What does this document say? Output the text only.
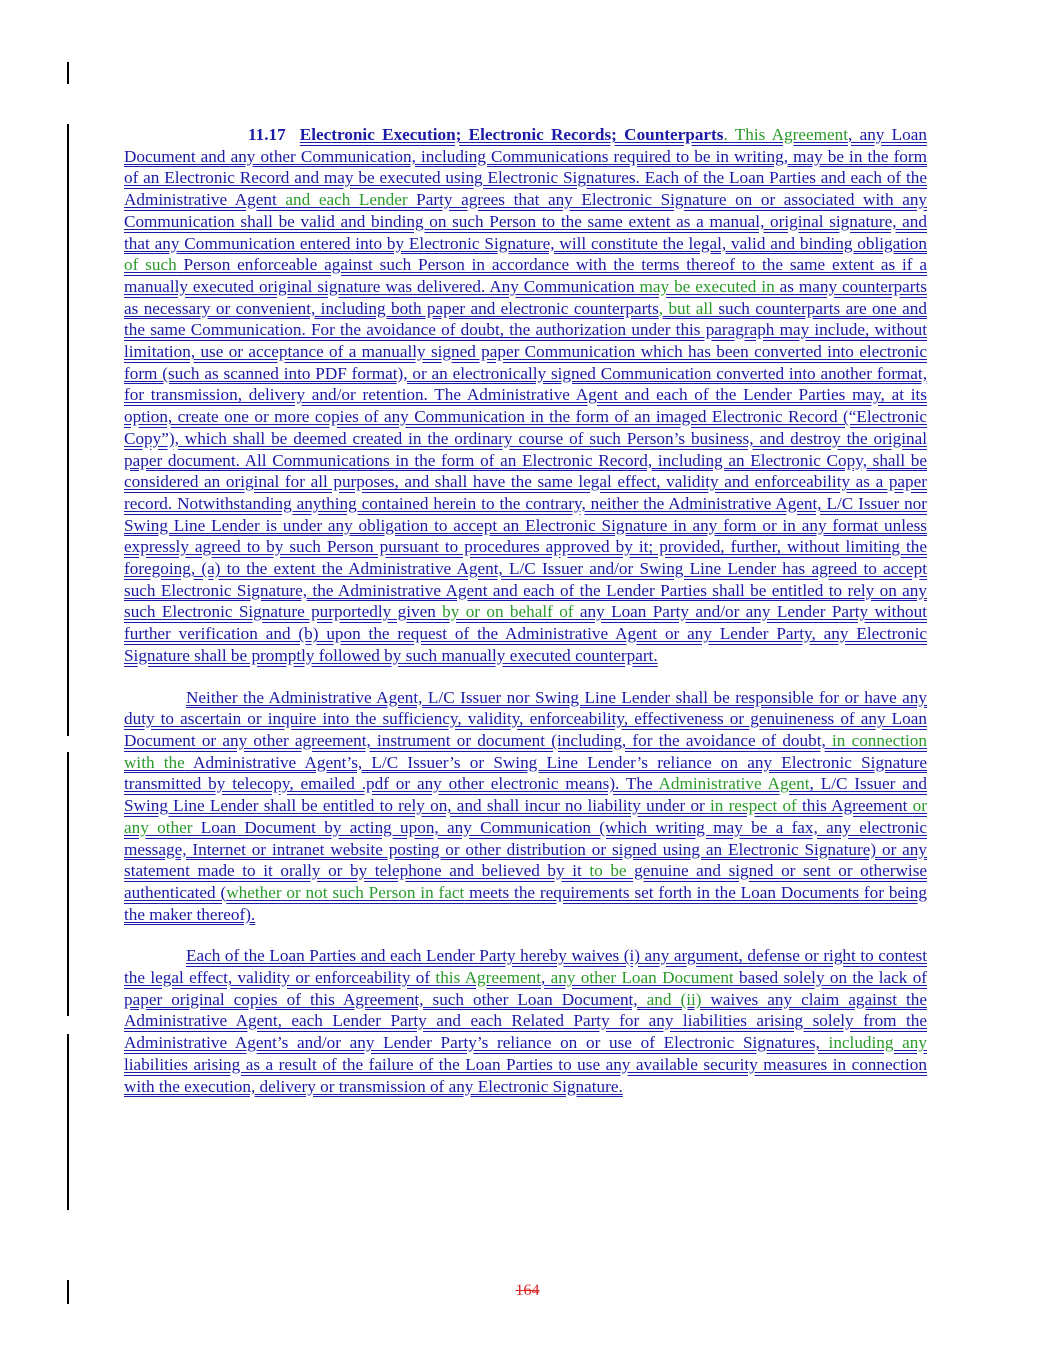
11.17 Electronic Execution; Electronic Records; Counterparts. This Agreement, any Loan Document and any other Communication, including Communications required to be in writing, may be in the form of an Electronic Record and may be executed using Electronic Signatures. Each of the Loan Parties and each of the Administrative Agent and each Lender Party agrees that any Electronic Signature on or associated with any Communication shall be valid and binding on such Person to the same extent as a manual, original signature, and that any Communication entered into by Electronic Signature, will constitute the legal, valid and binding obligation of such Person enforceable against such Person in accordance with the terms thereof to the same extent as if a manually executed original signature was delivered. Any Communication may be executed in as many counterparts as necessary or convenient, including both paper and electronic counterparts, but all such counterparts are one and the same Communication. For the avoidance of doubt, the authorization under this paragraph may include, without limitation, use or acceptance of a manually signed paper Communication which has been converted into electronic form (such as scanned into PDF format), or an electronically signed Communication converted into another format, for transmission, delivery and/or retention. The Administrative Agent and each of the Lender Parties may, at its option, create one or more copies of any Communication in the form of an imaged Electronic Record (“Electronic Copy”), which shall be deemed created in the ordinary course of such Person’s business, and destroy the original paper document. All Communications in the form of an Electronic Record, including an Electronic Copy, shall be considered an original for all purposes, and shall have the same legal effect, validity and enforceability as a paper record. Notwithstanding anything contained herein to the contrary, neither the Administrative Agent, L/C Issuer nor Swing Line Lender is under any obligation to accept an Electronic Signature in any form or in any format unless expressly agreed to by such Person pursuant to procedures approved by it; provided, further, without limiting the foregoing, (a) to the extent the Administrative Agent, L/C Issuer and/or Swing Line Lender has agreed to accept such Electronic Signature, the Administrative Agent and each of the Lender Parties shall be entitled to rely on any such Electronic Signature purportedly given by or on behalf of any Loan Party and/or any Lender Party without further verification and (b) upon the request of the Administrative Agent or any Lender Party, any Electronic Signature shall be promptly followed by such manually executed counterpart.

Neither the Administrative Agent, L/C Issuer nor Swing Line Lender shall be responsible for or have any duty to ascertain or inquire into the sufficiency, validity, enforceability, effectiveness or genuineness of any Loan Document or any other agreement, instrument or document (including, for the avoidance of doubt, in connection with the Administrative Agent’s, L/C Issuer’s or Swing Line Lender’s reliance on any Electronic Signature transmitted by telecopy, emailed .pdf or any other electronic means). The Administrative Agent, L/C Issuer and Swing Line Lender shall be entitled to rely on, and shall incur no liability under or in respect of this Agreement or any other Loan Document by acting upon, any Communication (which writing may be a fax, any electronic message, Internet or intranet website posting or other distribution or signed using an Electronic Signature) or any statement made to it orally or by telephone and believed by it to be genuine and signed or sent or otherwise authenticated (whether or not such Person in fact meets the requirements set forth in the Loan Documents for being the maker thereof).

Each of the Loan Parties and each Lender Party hereby waives (i) any argument, defense or right to contest the legal effect, validity or enforceability of this Agreement, any other Loan Document based solely on the lack of paper original copies of this Agreement, such other Loan Document, and (ii) waives any claim against the Administrative Agent, each Lender Party and each Related Party for any liabilities arising solely from the Administrative Agent’s and/or any Lender Party’s reliance on or use of Electronic Signatures, including any liabilities arising as a result of the failure of the Loan Parties to use any available security measures in connection with the execution, delivery or transmission of any Electronic Signature.

164
